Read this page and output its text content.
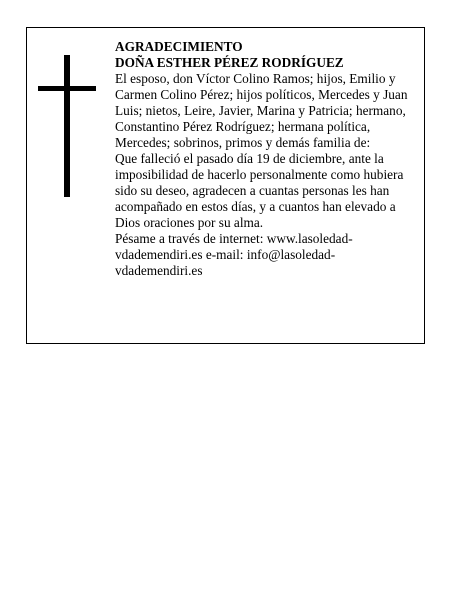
AGRADECIMIENTO

DOÑA ESTHER PÉREZ RODRÍGUEZ

El esposo, don Víctor Colino Ramos; hijos, Emilio y

Carmen Colino Pérez; hijos políticos, Mercedes y Juan

Luis; nietos, Leire, Javier, Marina y Patricia; hermano,

Constantino Pérez Rodríguez; hermana política,

Mercedes; sobrinos, primos y demás familia de:

Que falleció el pasado día 19 de diciembre, ante la

imposibilidad de hacerlo personalmente como hubiera

sido su deseo, agradecen a cuantas personas les han

acompañado en estos días, y a cuantos han elevado a

Dios oraciones por su alma.

Pésame a través de internet: www.lasoledad-

vdademendiri.es e-mail: info@lasoledad-

vdademendiri.es
